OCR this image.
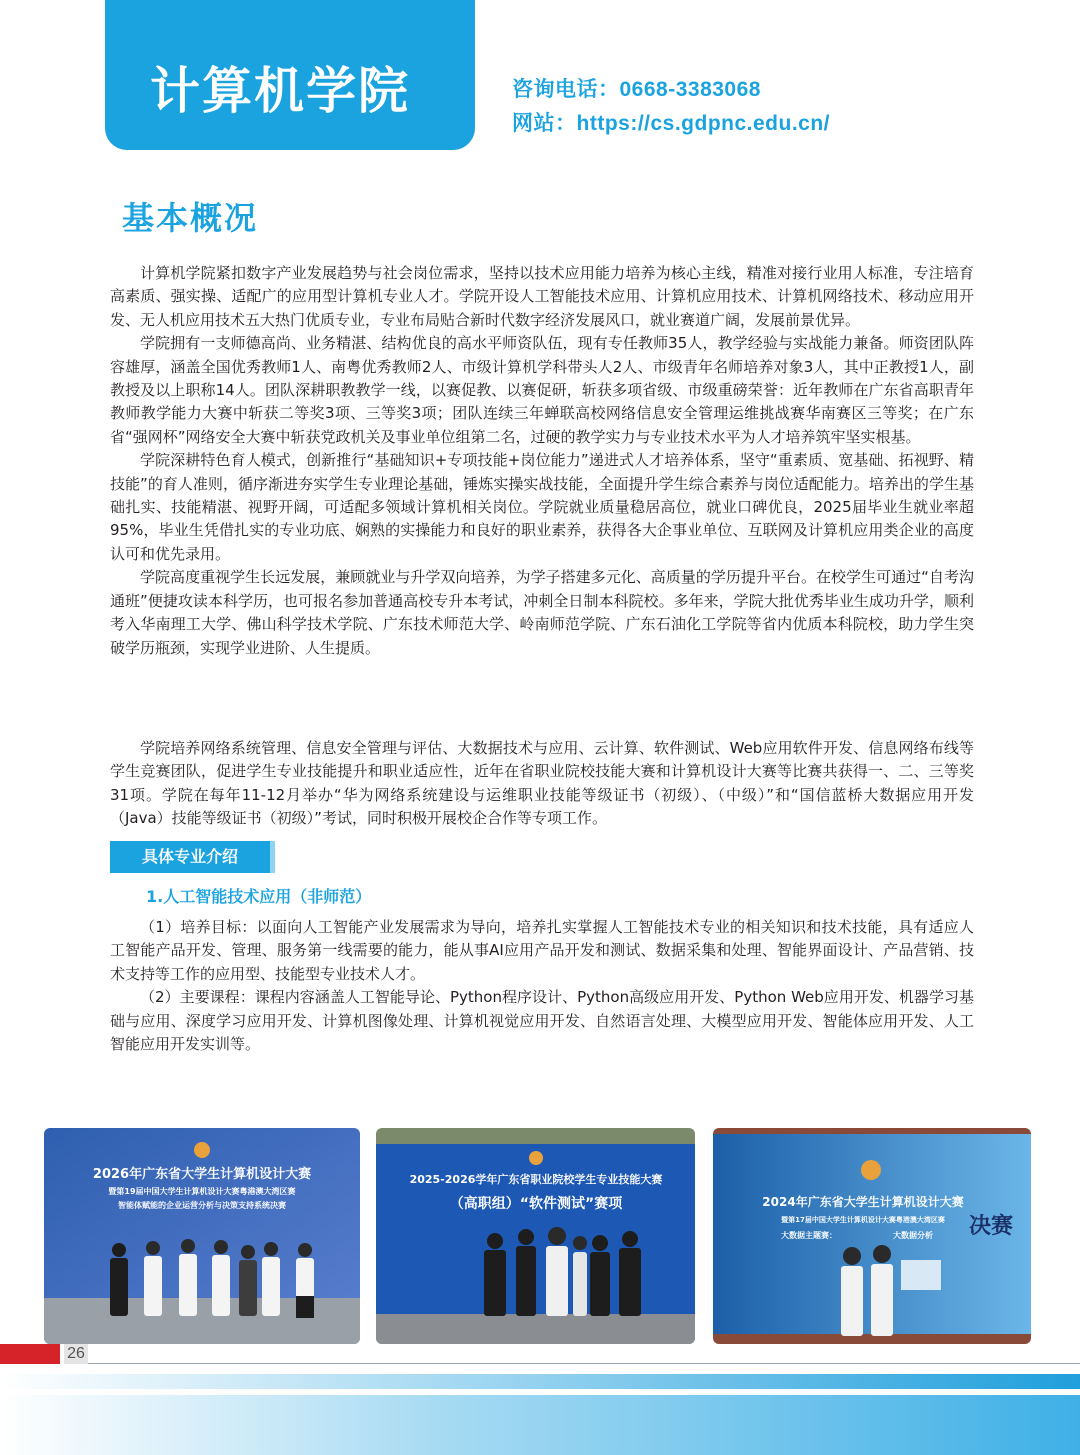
计算机学院	咨询电话：0668-3383068
网站：https://cs.gdpnc.edu.cn/
基本概况

计算机学院紧扣数字产业发展趋势与社会岗位需求，坚持以技术应用能力培养为核心主线，精准对接行业用人标准，专注培育高素质、强实操、适配广的应用型计算机专业人才。学院开设人工智能技术应用、计算机应用技术、计算机网络技术、移动应用开发、无人机应用技术五大热门优质专业，专业布局贴合新时代数字经济发展风口，就业赛道广阔，发展前景优异。

学院拥有一支师德高尚、业务精湛、结构优良的高水平师资队伍，现有专任教师35人，教学经验与实战能力兼备。师资团队阵容雄厚，涵盖全国优秀教师1人、南粤优秀教师2人、市级计算机学科带头人2人、市级青年名师培养对象3人，其中正教授1人，副教授及以上职称14人。团队深耕职教教学一线，以赛促教、以赛促研，斩获多项省级、市级重磅荣誉：近年教师在广东省高职青年教师教学能力大赛中斩获二等奖3项、三等奖3项；团队连续三年蝉联高校网络信息安全管理运维挑战赛华南赛区三等奖；在广东省“强网杯”网络安全大赛中斩获党政机关及事业单位组第二名，过硬的教学实力与专业技术水平为人才培养筑牢坚实根基。

学院深耕特色育人模式，创新推行“基础知识+专项技能+岗位能力”递进式人才培养体系，坚守“重素质、宽基础、拓视野、精技能”的育人准则，循序渐进夯实学生专业理论基础，锤炼实操实战技能，全面提升学生综合素养与岗位适配能力。培养出的学生基础扎实、技能精湛、视野开阔，可适配多领域计算机相关岗位。学院就业质量稳居高位，就业口碑优良，2025届毕业生就业率超95%，毕业生凭借扎实的专业功底、娴熟的实操能力和良好的职业素养，获得各大企事业单位、互联网及计算机应用类企业的高度认可和优先录用。

学院高度重视学生长远发展，兼顾就业与升学双向培养，为学子搭建多元化、高质量的学历提升平台。在校学生可通过“自考沟通班”便捷攻读本科学历，也可报名参加普通高校专升本考试，冲刺全日制本科院校。多年来，学院大批优秀毕业生成功升学，顺利考入华南理工大学、佛山科学技术学院、广东技术师范大学、岭南师范学院、广东石油化工学院等省内优质本科院校，助力学生突破学历瓶颈，实现学业进阶、人生提质。

学院培养网络系统管理、信息安全管理与评估、大数据技术与应用、云计算、软件测试、Web应用软件开发、信息网络布线等学生竞赛团队，促进学生专业技能提升和职业适应性，近年在省职业院校技能大赛和计算机设计大赛等比赛共获得一、二、三等奖31项。学院在每年11-12月举办“华为网络系统建设与运维职业技能等级证书（初级）、（中级）”和“国信蓝桥大数据应用开发（Java）技能等级证书（初级）”考试，同时积极开展校企合作等专项工作。

具体专业介绍
1.人工智能技术应用（非师范）

（1）培养目标：以面向人工智能产业发展需求为导向，培养扎实掌握人工智能技术专业的相关知识和技术技能，具有适应人工智能产品开发、管理、服务第一线需要的能力，能从事AI应用产品开发和测试、数据采集和处理、智能界面设计、产品营销、技术支持等工作的应用型、技能型专业技术人才。

（2）主要课程：课程内容涵盖人工智能导论、Python程序设计、Python高级应用开发、Python Web应用开发、机器学习基础与应用、深度学习应用开发、计算机图像处理、计算机视觉应用开发、自然语言处理、大模型应用开发、智能体应用开发、人工智能应用开发实训等。

2026年广东省大学生计算机设计大赛
暨第19届中国大学生计算机设计大赛粤港澳大湾区赛
智能体赋能的企业运营分析与决策支持系统决赛
2025-2026学年广东省职业院校学生专业技能大赛
（高职组）“软件测试”赛项	2024年广东省大学生计算机设计大赛
暨第17届中国大学生计算机设计大赛粤港澳大湾区赛
大数据主题赛：	大数据分析 决赛
26
